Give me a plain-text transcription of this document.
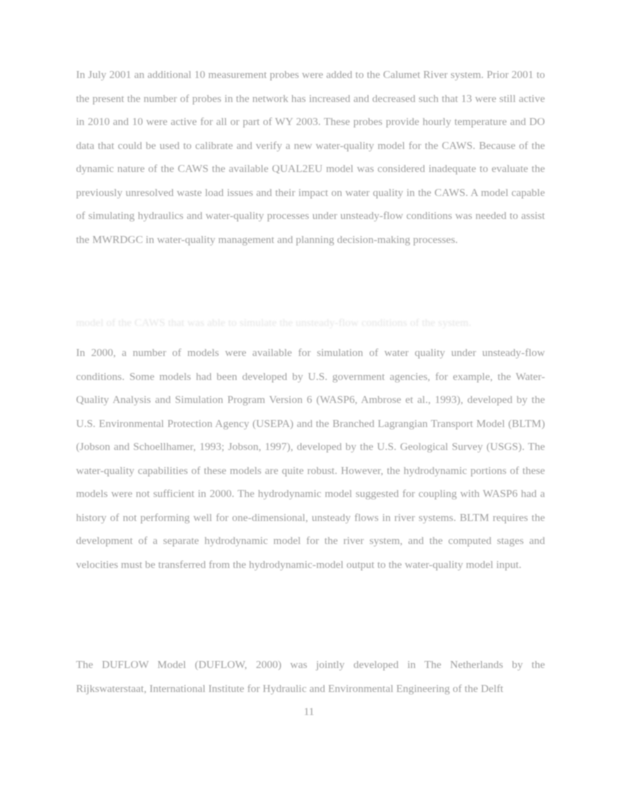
In July 2001 an additional 10 measurement probes were added to the Calumet River system. Prior 2001 to the present the number of probes in the network has increased and decreased such that 13 were still active in 2010 and 10 were active for all or part of WY 2003. These probes provide hourly temperature and DO data that could be used to calibrate and verify a new water-quality model for the CAWS. Because of the dynamic nature of the CAWS the available QUAL2EU model was considered inadequate to evaluate the previously unresolved waste load issues and their impact on water quality in the CAWS. A model capable of simulating hydraulics and water-quality processes under unsteady-flow conditions was needed to assist the MWRDGC in water-quality management and planning decision-making processes.
model of the CAWS that was able to simulate the unsteady-flow conditions of the system.
In 2000, a number of models were available for simulation of water quality under unsteady-flow conditions. Some models had been developed by U.S. government agencies, for example, the Water-Quality Analysis and Simulation Program Version 6 (WASP6, Ambrose et al., 1993), developed by the U.S. Environmental Protection Agency (USEPA) and the Branched Lagrangian Transport Model (BLTM) (Jobson and Schoellhamer, 1993; Jobson, 1997), developed by the U.S. Geological Survey (USGS). The water-quality capabilities of these models are quite robust. However, the hydrodynamic portions of these models were not sufficient in 2000. The hydrodynamic model suggested for coupling with WASP6 had a history of not performing well for one-dimensional, unsteady flows in river systems. BLTM requires the development of a separate hydrodynamic model for the river system, and the computed stages and velocities must be transferred from the hydrodynamic-model output to the water-quality model input.
The DUFLOW Model (DUFLOW, 2000) was jointly developed in The Netherlands by the Rijkswaterstaat, International Institute for Hydraulic and Environmental Engineering of the Delft
11
